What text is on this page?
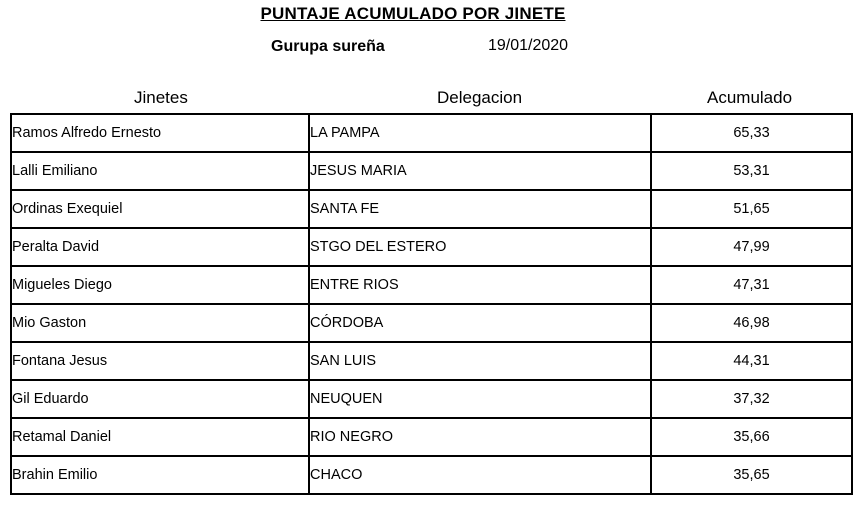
PUNTAJE ACUMULADO POR JINETE
Gurupa sureña	19/01/2020
Jinetes	Delegacion	Acumulado
Ramos Alfredo Ernesto	LA PAMPA	65,33
Lalli Emiliano	JESUS MARIA	53,31
Ordinas Exequiel	SANTA FE	51,65
Peralta David	STGO DEL ESTERO	47,99
Migueles Diego	ENTRE RIOS	47,31
Mio Gaston	CÓRDOBA	46,98
Fontana Jesus	SAN LUIS	44,31
Gil Eduardo	NEUQUEN	37,32
Retamal Daniel	RIO NEGRO	35,66
Brahin Emilio	CHACO	35,65
